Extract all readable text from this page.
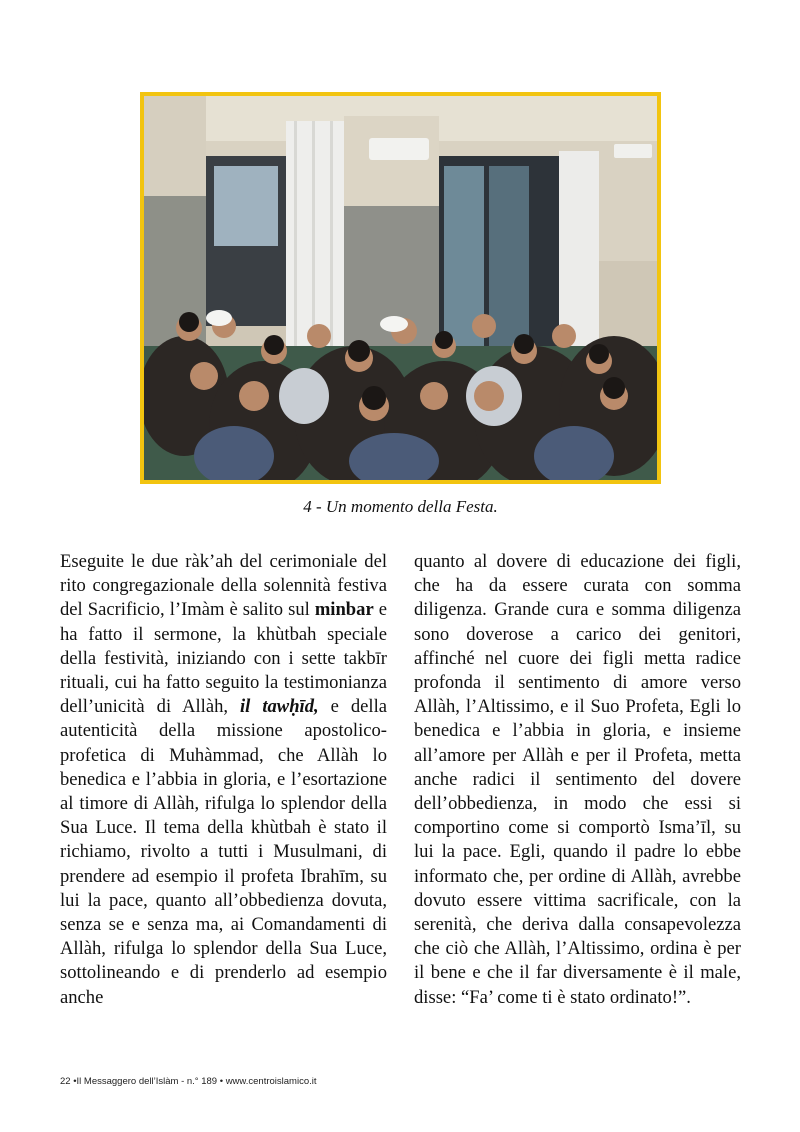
4 - Un momento della Festa.

Eseguite le due ràk’ah del cerimoniale del rito congregazionale della solennità festiva del Sacrificio, l’Imàm è salito sul minbar e ha fatto il sermone, la khùtbah speciale della festività, iniziando con i sette takbīr rituali, cui ha fatto seguito la testimonianza dell’unicità di Allàh, il tawḥīd, e della autenticità della missione apostolico-profetica di Muhàmmad, che Allàh lo benedica e l’abbia in gloria, e l’esortazione al timore di Allàh, rifulga lo splendor della Sua Luce. Il tema della khùtbah è stato il richiamo, rivolto a tutti i Musulmani, di prendere ad esempio il profeta Ibrahīm, su lui la pace, quanto all’obbedienza dovuta, senza se e senza ma, ai Comandamenti di Allàh, rifulga lo splendor della Sua Luce, sottolineando e di prenderlo ad esempio anche

quanto al dovere di educazione dei figli, che ha da essere curata con somma diligenza. Grande cura e somma diligenza sono doverose a carico dei genitori, affinché nel cuore dei figli metta radice profonda il sentimento di amore verso Allàh, l’Altissimo, e il Suo Profeta, Egli lo benedica e l’abbia in gloria, e insieme all’amore per Allàh e per il Profeta, metta anche radici il sentimento del dovere dell’obbedienza, in modo che essi si comportino come si comportò Isma’īl, su lui la pace. Egli, quando il padre lo ebbe informato che, per ordine di Allàh, avrebbe dovuto essere vittima sacrificale, con la serenità, che deriva dalla consapevolezza che ciò che Allàh, l’Altissimo, ordina è per il bene e che il far diversamente è il male, disse: “Fa’ come ti è stato ordinato!”.

22 •Il Messaggero dell’Islàm - n.° 189 • www.centroislamico.it
